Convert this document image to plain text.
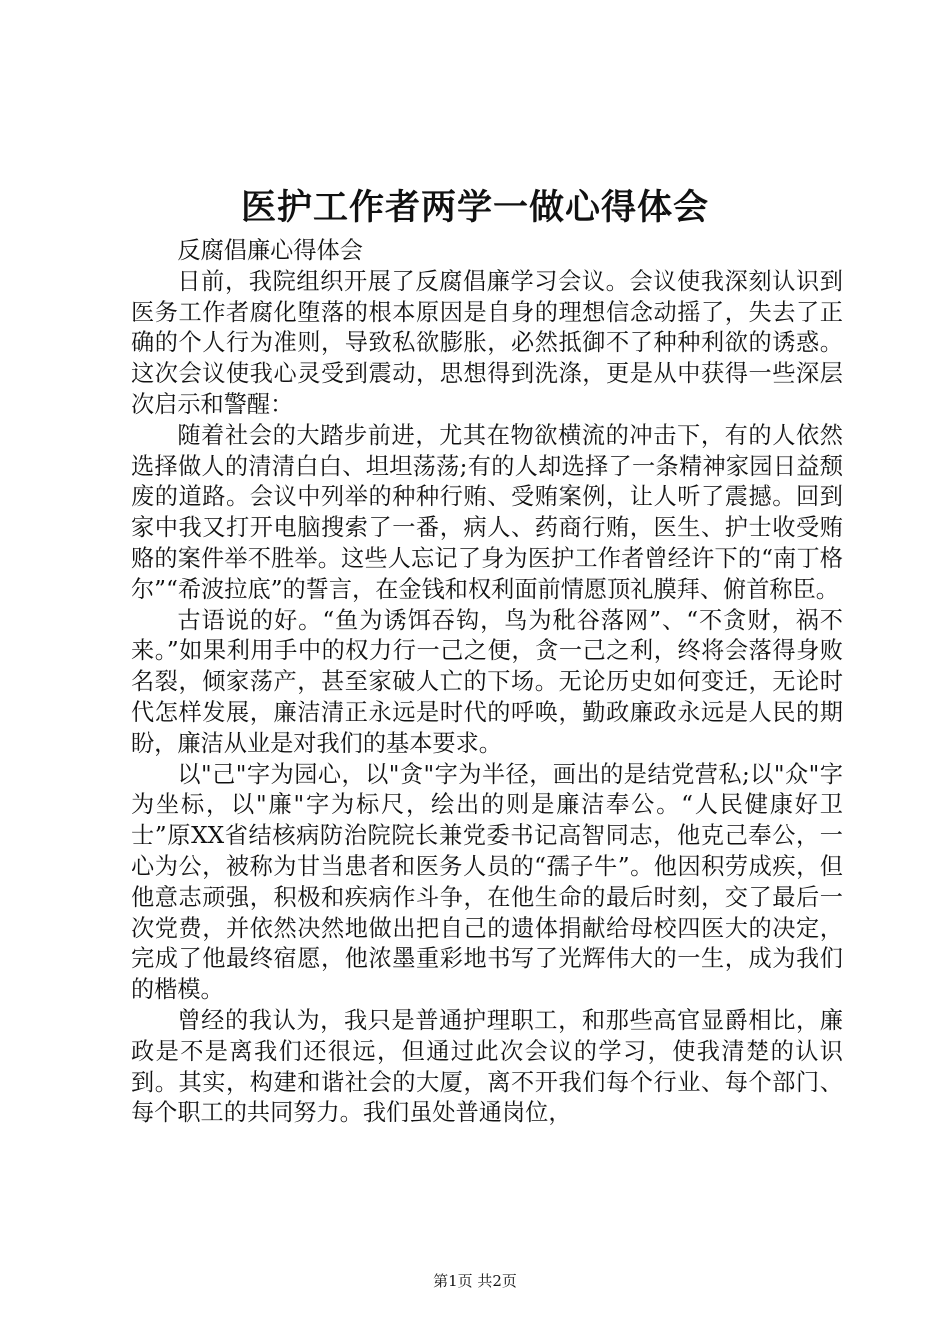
医护工作者两学一做心得体会

反腐倡廉心得体会

日前，我院组织开展了反腐倡廉学习会议。会议使我深刻认识到医务工作者腐化堕落的根本原因是自身的理想信念动摇了，失去了正确的个人行为准则，导致私欲膨胀，必然抵御不了种种利欲的诱惑。这次会议使我心灵受到震动，思想得到洗涤，更是从中获得一些深层次启示和警醒：

随着社会的大踏步前进，尤其在物欲横流的冲击下，有的人依然选择做人的清清白白、坦坦荡荡;有的人却选择了一条精神家园日益颓废的道路。会议中列举的种种行贿、受贿案例，让人听了震撼。回到家中我又打开电脑搜索了一番，病人、药商行贿，医生、护士收受贿赂的案件举不胜举。这些人忘记了身为医护工作者曾经许下的“南丁格尔”“希波拉底”的誓言，在金钱和权利面前情愿顶礼膜拜、俯首称臣。

古语说的好。“鱼为诱饵吞钩，鸟为秕谷落网”、“不贪财，祸不来。”如果利用手中的权力行一己之便，贪一己之利，终将会落得身败名裂，倾家荡产，甚至家破人亡的下场。无论历史如何变迁，无论时代怎样发展，廉洁清正永远是时代的呼唤，勤政廉政永远是人民的期盼，廉洁从业是对我们的基本要求。

以"己"字为园心，以"贪"字为半径，画出的是结党营私;以"众"字为坐标，以"廉"字为标尺，绘出的则是廉洁奉公。“人民健康好卫士”原XX省结核病防治院院长兼党委书记高智同志，他克己奉公，一心为公，被称为甘当患者和医务人员的“孺子牛”。他因积劳成疾，但他意志顽强，积极和疾病作斗争，在他生命的最后时刻，交了最后一次党费，并依然决然地做出把自己的遗体捐献给母校四医大的决定，完成了他最终宿愿，他浓墨重彩地书写了光辉伟大的一生，成为我们的楷模。

曾经的我认为，我只是普通护理职工，和那些高官显爵相比，廉政是不是离我们还很远，但通过此次会议的学习，使我清楚的认识到。其实，构建和谐社会的大厦，离不开我们每个行业、每个部门、每个职工的共同努力。我们虽处普通岗位，

第1页 共2页
